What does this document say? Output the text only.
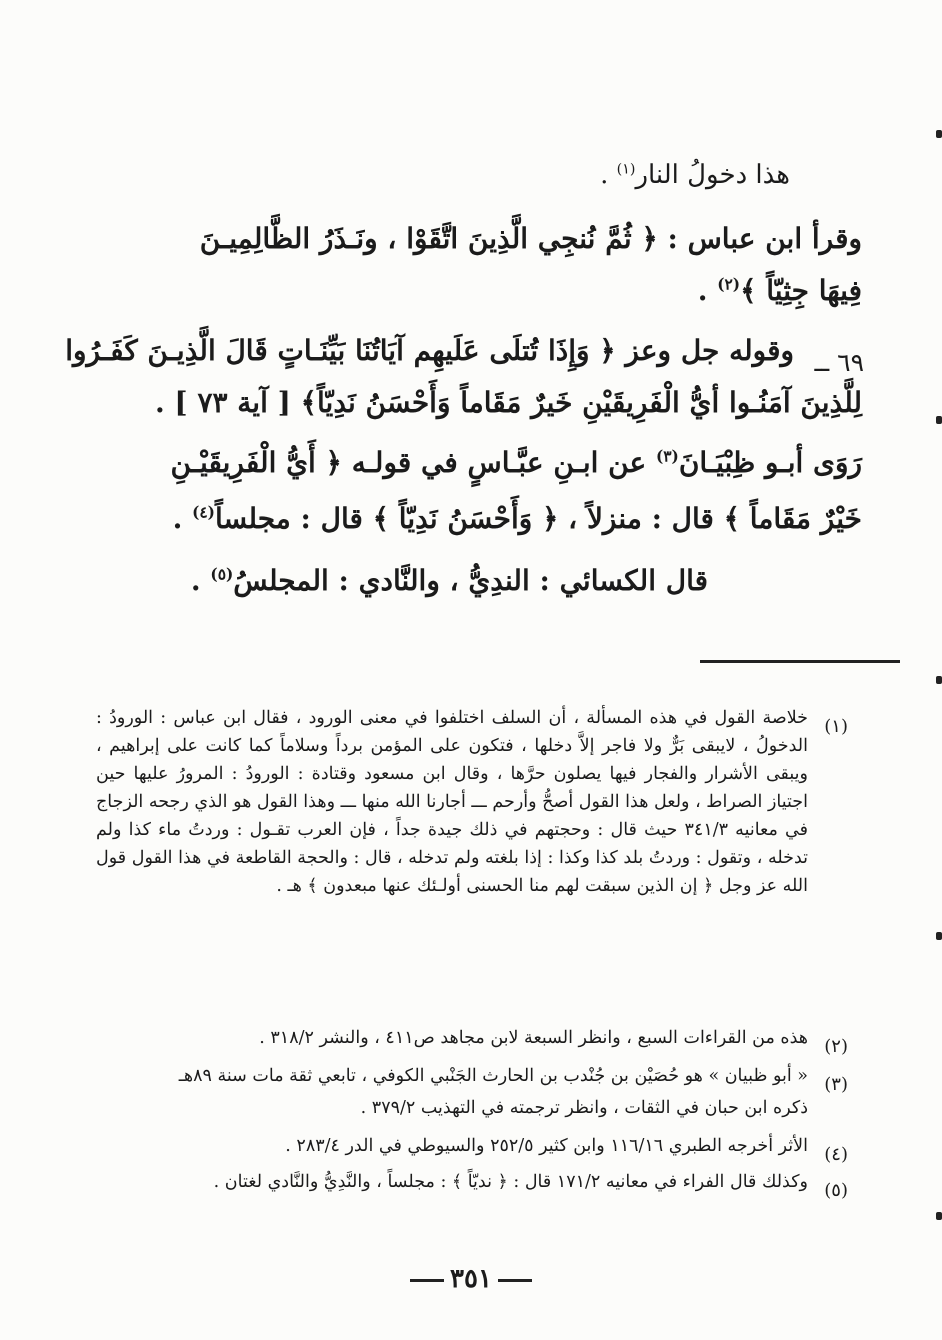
هذا دخولُ النار$^{(١)}$ .
وقرأ ابن عباس : ﴿ ثُمَّ نُنجِي الَّذِينَ اتَّقَوْا ، ونَـذَرُ الظَّالِمِيـنَ
فِيهَا جِثِيّاً ﴾$^{(٢)}$ .
٦٩ ــ
وقوله جل وعز ﴿ وَإِذَا تُتلَى عَلَيهِم آيَاتُنَا بَيِّنَـاتٍ قَالَ الَّذِيـنَ كَفَـرُوا
لِلَّذِينَ آمَنُـوا أيُّ الْفَرِيقَيْنِ خَيرٌ مَقَاماً وَأَحْسَنُ نَدِيّاً﴾ [ آية ٧٣ ] .
رَوَى أبـو ظِبْيَـانَ$^{(٣)}$ عن ابـنِ عبَّـاسٍ في قولـه ﴿ أَيُّ الْفَرِيقَيْـنِ
خَيْرٌ مَقَاماً ﴾ قال : منزلاً ، ﴿ وَأَحْسَنُ نَدِيّاً ﴾ قال : مجلساً$^{(٤)}$ .
قال الكسائي : الندِيُّ ، والنَّادي : المجلسُ$^{(٥)}$ .
(١)
خلاصة القول في هذه المسألة ، أن السلف اختلفوا في معنى الورود ، فقال ابن عباس : الورودُ : الدخولُ ، لايبقى بَرٌّ ولا فاجر إلاَّ دخلها ، فتكون على المؤمن برداً وسلاماً كما كانت على إبراهيم ، ويبقى الأشرار والفجار فيها يصلون حرَّها ، وقال ابن مسعود وقتادة : الورودُ : المرورُ عليها حين اجتياز الصراط ، ولعل هذا القول أصحُّ وأرحم ـــ أجارنا الله منها ـــ وهذا القول هو الذي رجحه الزجاج في معانيه ٣٤١/٣ حيث قال : وحجتهم في ذلك جيدة جداً ، فإن العرب تقـول : وردتُ ماء كذا ولم تدخله ، وتقول : وردتُ بلد كذا وكذا : إذا بلغته ولم تدخله ، قال : والحجة القاطعة في هذا القول قول الله عز وجل ﴿ إن الذين سبقت لهم منا الحسنى أولـئك عنها مبعدون ﴾ هـ .
(٢)
هذه من القراءات السبع ، وانظر السبعة لابن مجاهد ص٤١١ ، والنشر ٣١٨/٢ .
(٣)
« أبو ظبيان » هو حُصَيْن بن جُنْدب بن الحارث الجَنْبي الكوفي ، تابعي ثقة مات سنة ٨٩هـ
ذكره ابن حبان في الثقات ، وانظر ترجمته في التهذيب ٣٧٩/٢ .
(٤)
الأثر أخرجه الطبري ١١٦/١٦ وابن كثير ٢٥٢/٥ والسيوطي في الدر ٢٨٣/٤ .
(٥)
وكذلك قال الفراء في معانيه ١٧١/٢ قال : ﴿ نديّاً ﴾ : مجلساً ، والنَّدِيُّ والنَّادي لغتان .
٣٥١
